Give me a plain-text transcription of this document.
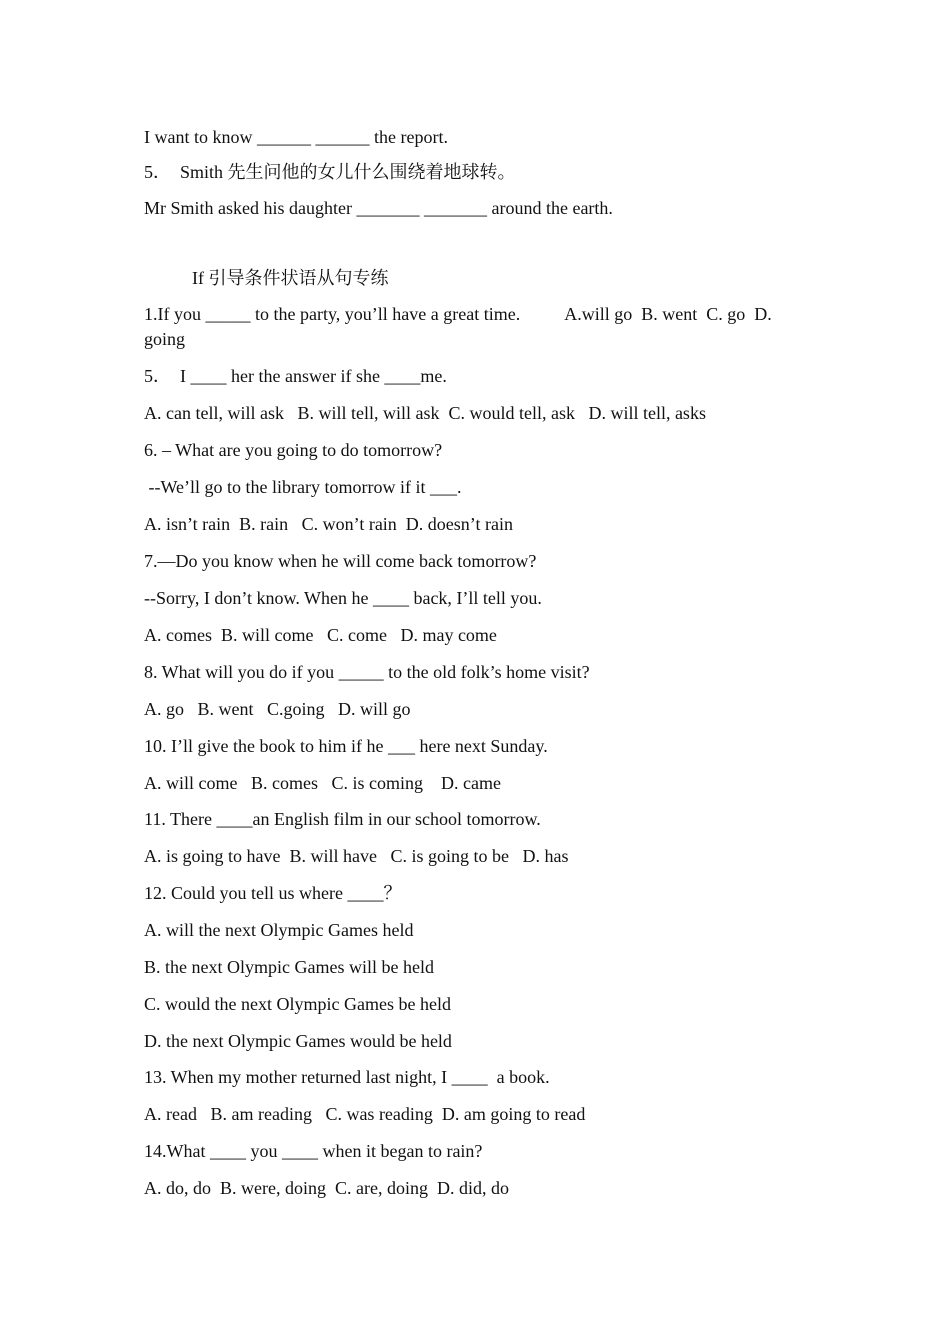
I want to know ______ ______ the report.
5．  Smith 先生问他的女儿什么围绕着地球转。
Mr Smith asked his daughter _______ _______ around the earth.
If 引导条件状语从句专练
1.If you _____ to the party, you’ll have a great time.          A.will go  B. went  C. go  D. going
5．  I ____ her the answer if she ____me.
A. can tell, will ask   B. will tell, will ask  C. would tell, ask   D. will tell, asks
6. – What are you going to do tomorrow?
--We’ll go to the library tomorrow if it ___.
A. isn’t rain  B. rain   C. won’t rain  D. doesn’t rain
7.—Do you know when he will come back tomorrow?
--Sorry, I don’t know. When he ____ back, I’ll tell you.
A. comes  B. will come   C. come   D. may come
8. What will you do if you _____ to the old folk’s home visit?
A. go   B. went   C.going   D. will go
10. I’ll give the book to him if he ___ here next Sunday.
A. will come   B. comes   C. is coming    D. came
11. There ____an English film in our school tomorrow.
A. is going to have  B. will have   C. is going to be   D. has
12. Could you tell us where ____？
A. will the next Olympic Games held
B. the next Olympic Games will be held
C. would the next Olympic Games be held
D. the next Olympic Games would be held
13. When my mother returned last night, I ____  a book.
A. read   B. am reading   C. was reading  D. am going to read
14.What ____ you ____ when it began to rain?
A. do, do  B. were, doing  C. are, doing  D. did, do
